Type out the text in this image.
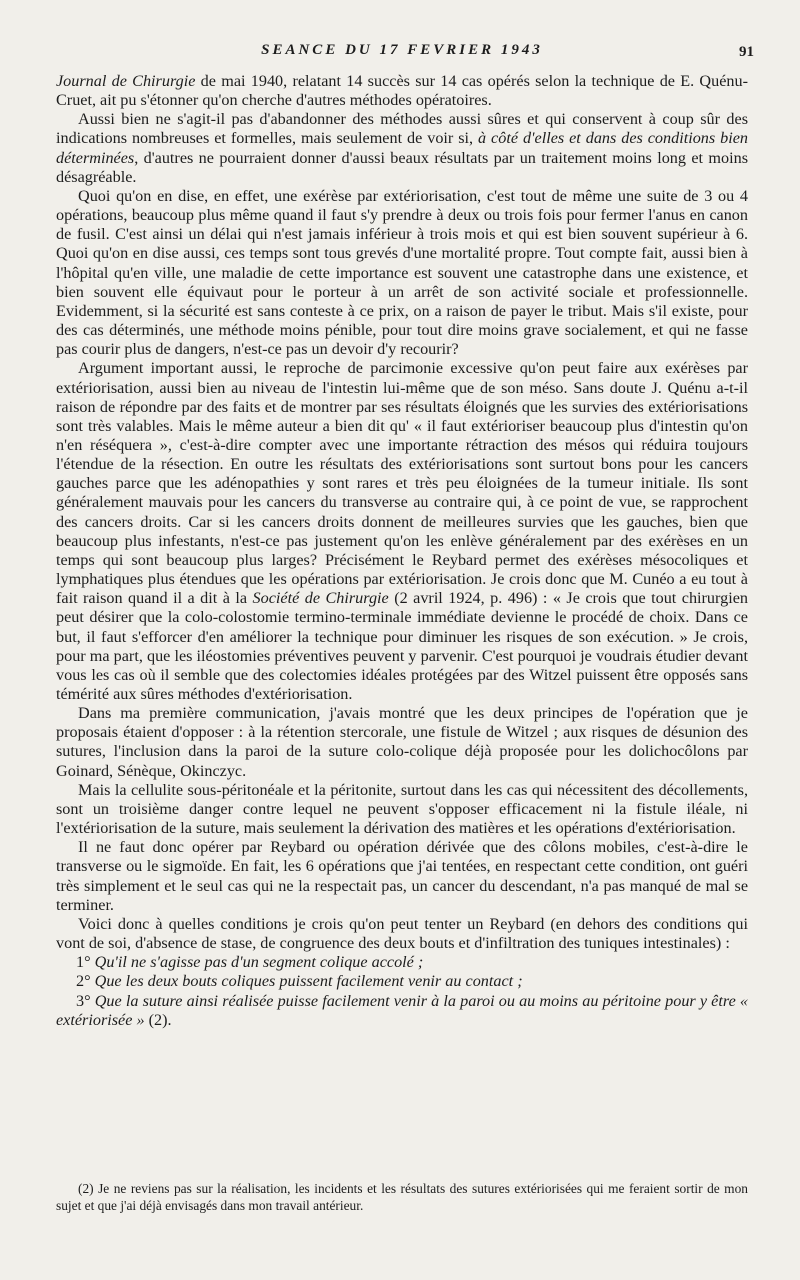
SEANCE DU 17 FEVRIER 1943	91

Journal de Chirurgie de mai 1940, relatant 14 succès sur 14 cas opérés selon la technique de E. Quénu-Cruet, ait pu s'étonner qu'on cherche d'autres méthodes opératoires.

Aussi bien ne s'agit-il pas d'abandonner des méthodes aussi sûres et qui conservent à coup sûr des indications nombreuses et formelles, mais seulement de voir si, à côté d'elles et dans des conditions bien déterminées, d'autres ne pourraient donner d'aussi beaux résultats par un traitement moins long et moins désagréable.

Quoi qu'on en dise, en effet, une exérèse par extériorisation, c'est tout de même une suite de 3 ou 4 opérations, beaucoup plus même quand il faut s'y prendre à deux ou trois fois pour fermer l'anus en canon de fusil. C'est ainsi un délai qui n'est jamais inférieur à trois mois et qui est bien souvent supérieur à 6. Quoi qu'on en dise aussi, ces temps sont tous grevés d'une mortalité propre. Tout compte fait, aussi bien à l'hôpital qu'en ville, une maladie de cette importance est souvent une catastrophe dans une existence, et bien souvent elle équivaut pour le porteur à un arrêt de son activité sociale et professionnelle. Evidemment, si la sécurité est sans conteste à ce prix, on a raison de payer le tribut. Mais s'il existe, pour des cas déterminés, une méthode moins pénible, pour tout dire moins grave socialement, et qui ne fasse pas courir plus de dangers, n'est-ce pas un devoir d'y recourir?

Argument important aussi, le reproche de parcimonie excessive qu'on peut faire aux exérèses par extériorisation, aussi bien au niveau de l'intestin lui-même que de son méso. Sans doute J. Quénu a-t-il raison de répondre par des faits et de montrer par ses résultats éloignés que les survies des extériorisations sont très valables. Mais le même auteur a bien dit qu' « il faut extérioriser beaucoup plus d'intestin qu'on n'en réséquera », c'est-à-dire compter avec une importante rétraction des mésos qui réduira toujours l'étendue de la résection. En outre les résultats des extériorisations sont surtout bons pour les cancers gauches parce que les adénopathies y sont rares et très peu éloignées de la tumeur initiale. Ils sont généralement mauvais pour les cancers du transverse au contraire qui, à ce point de vue, se rapprochent des cancers droits. Car si les cancers droits donnent de meilleures survies que les gauches, bien que beaucoup plus infestants, n'est-ce pas justement qu'on les enlève généralement par des exérèses en un temps qui sont beaucoup plus larges? Précisément le Reybard permet des exérèses mésocoliques et lymphatiques plus étendues que les opérations par extériorisation. Je crois donc que M. Cunéo a eu tout à fait raison quand il a dit à la Société de Chirurgie (2 avril 1924, p. 496) : « Je crois que tout chirurgien peut désirer que la colo-colostomie termino-terminale immédiate devienne le procédé de choix. Dans ce but, il faut s'efforcer d'en améliorer la technique pour diminuer les risques de son exécution. » Je crois, pour ma part, que les iléostomies préventives peuvent y parvenir. C'est pourquoi je voudrais étudier devant vous les cas où il semble que des colectomies idéales protégées par des Witzel puissent être opposés sans témérité aux sûres méthodes d'extériorisation.

Dans ma première communication, j'avais montré que les deux principes de l'opération que je proposais étaient d'opposer : à la rétention stercorale, une fistule de Witzel ; aux risques de désunion des sutures, l'inclusion dans la paroi de la suture colo-colique déjà proposée pour les dolichocôlons par Goinard, Sénèque, Okinczyc.

Mais la cellulite sous-péritonéale et la péritonite, surtout dans les cas qui nécessitent des décollements, sont un troisième danger contre lequel ne peuvent s'opposer efficacement ni la fistule iléale, ni l'extériorisation de la suture, mais seulement la dérivation des matières et les opérations d'extériorisation.

Il ne faut donc opérer par Reybard ou opération dérivée que des côlons mobiles, c'est-à-dire le transverse ou le sigmoïde. En fait, les 6 opérations que j'ai tentées, en respectant cette condition, ont guéri très simplement et le seul cas qui ne la respectait pas, un cancer du descendant, n'a pas manqué de mal se terminer.

Voici donc à quelles conditions je crois qu'on peut tenter un Reybard (en dehors des conditions qui vont de soi, d'absence de stase, de congruence des deux bouts et d'infiltration des tuniques intestinales) :

1° Qu'il ne s'agisse pas d'un segment colique accolé ;

2° Que les deux bouts coliques puissent facilement venir au contact ;

3° Que la suture ainsi réalisée puisse facilement venir à la paroi ou au moins au péritoine pour y être « extériorisée » (2).

(2) Je ne reviens pas sur la réalisation, les incidents et les résultats des sutures extériorisées qui me feraient sortir de mon sujet et que j'ai déjà envisagés dans mon travail antérieur.
